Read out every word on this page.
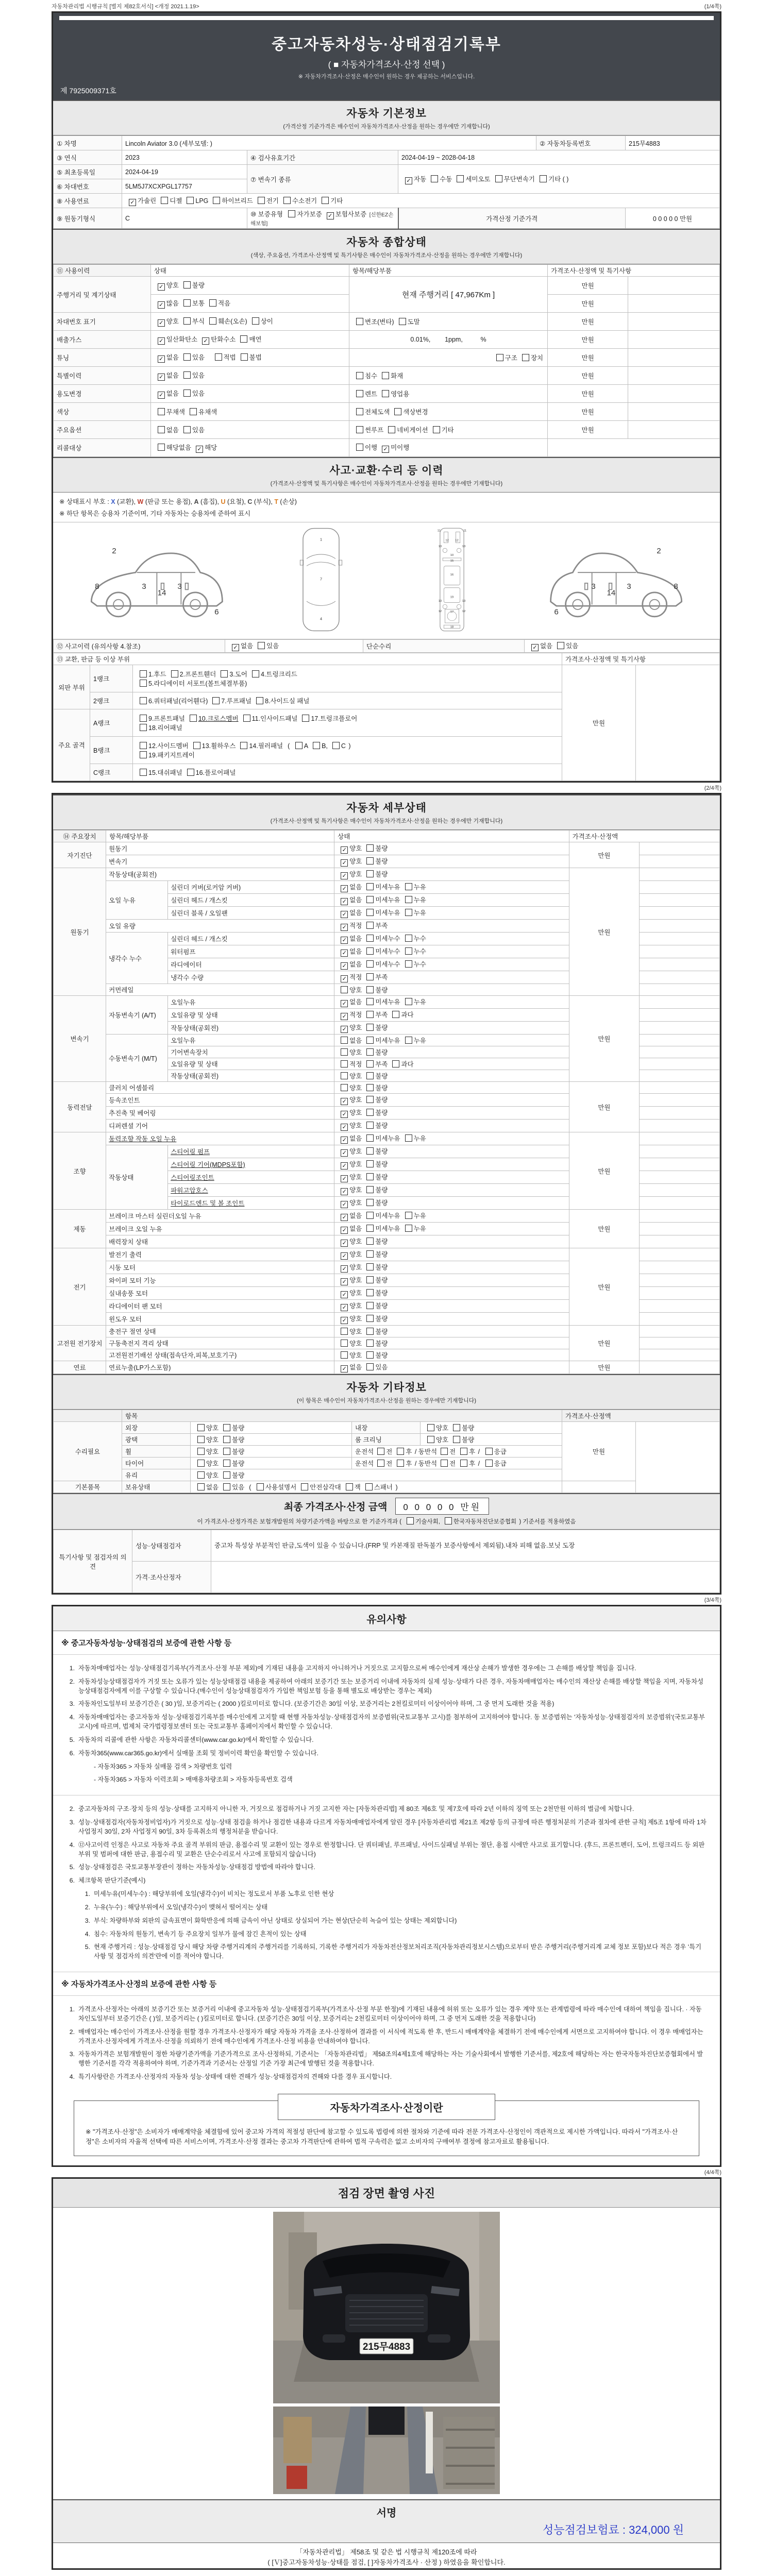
자동차관리법 시행규칙 [별지 제82호서식] <개정 2021.1.19>	(1/4쪽)
중고자동차성능·상태점검기록부
( ■ 자동차가격조사·산정 선택 )
※ 자동차가격조사·산정은 매수인이 원하는 경우 제공하는 서비스입니다.
제 7925009371호
자동차 기본정보
(가격산정 기준가격은 매수인이 자동차가격조사·산정을 원하는 경우에만 기재합니다)
① 차명	Lincoln Aviator 3.0 (세부모델: )			② 자동차등록번호	215무4883
③ 연식	2023	④ 검사유효기간	2024-04-19 ~ 2028-04-18		
⑤ 최초등록일	2024-04-19	⑦ 변속기 종류	✓ 자동 수동 세미오토 무단변속기 기타 ( )		
⑥ 차대번호	5LM5J7XCXPGL17757				
⑧ 사용연료	✓ 가솔린 디젤 LPG 하이브리드 전기 수소전기 기타				
⑨ 원동기형식	C	⑩ 보증유형 자가보증 ✓ 보험사보증 [신한EZ손해보험]	가격산정 기준가격		0 0 0 0 0 만원
자동차 종합상태
(색상, 주요옵션, 가격조사·산정액 및 특기사항은 매수인이 자동차가격조사·산정을 원하는 경우에만 기재합니다)
⑪ 사용이력	상태	항목/해당부품	가격조사·산정액 및 특기사항	
주행거리 및 계기상태	✓ 양호 불량	현재 주행거리 [ 47,967Km ]	만원	
	✓ 많음 보통 적음		만원	
차대번호 표기	✓ 양호 부식 훼손(오손) 상이	변조(변타) 도말	만원	
배출가스	✓ 일산화탄소 ✓ 탄화수소 매연	0.01%,        1ppm,          %	만원	
튜닝	✓ 없음 있음 적법 불법	구조 장치	만원	
특별이력	✓ 없음 있음	침수 화재	만원	
용도변경	✓ 없음 있음	렌트 영업용	만원	
색상	무채색 유채색	전체도색 색상변경	만원	
주요옵션	없음 있음	썬루프 네비게이션 기타	만원	
리콜대상	해당없음 ✓ 해당	이행 ✓ 미이행		
사고·교환·수리 등 이력
(가격조사·산정액 및 특기사항은 매수인이 자동차가격조사·산정을 원하는 경우에만 기재합니다)
※ 상태표시 부호 : X (교환), W (판금 또는 용접), A (흠집), U (요철), C (부식), T (손상)
※ 하단 항목은 승용차 기준이며, 기타 자동차는 승용차에 준하여 표시
2
8	3
14
3
6
1
7
4
11	11
12 12
13	13
10
15
16
19
13	13
12	12
17
18
2
8
3
14
3
6
⑫ 사고이력 (유의사항 4.참조)	✓ 없음 있음	단순수리	✓ 없음 있음
⑬ 교환, 판금 등 이상 부위			가격조사·산정액 및 특기사항	
외판 부위	1랭크	1.후드 2.프론트휀더 3.도어 4.트렁크리드
5.라디에이터 서포트(볼트체결부품)	만원	
	2랭크	6.쿼터패널(리어휀다) 7.루프패널 8.사이드실 패널		
주요 골격	A랭크	9.프론트패널 10.크로스멤버 11.인사이드패널 17.트렁크플로어
18.리어패널		
	B랭크	12.사이드멤버 13.휠하우스 14.필러패널  ( A B, C )
19.패키지트레이		
	C랭크	15.대쉬패널 16.플로어패널		
(2/4쪽)
자동차 세부상태
(가격조사·산정액 및 특기사항은 매수인이 자동차가격조사·산정을 원하는 경우에만 기재합니다)
⑭ 주요장치	항목/해당부품		상태	가격조사·산정액	
자기진단	원동기		✓ 양호 불량	만원	
	변속기		✓ 양호 불량		
원동기	작동상태(공회전)		✓ 양호 불량	만원	
	오일 누유	실린더 커버(로커암 커버)	✓ 없음 미세누유 누유		
		실린더 헤드 / 개스킷	✓ 없음 미세누유 누유		
		실린더 블록 / 오일팬	✓ 없음 미세누유 누유		
	오일 유량		✓ 적정 부족		
	냉각수 누수	실린더 헤드 / 개스킷	✓ 없음 미세누수 누수		
		워터펌프	✓ 없음 미세누수 누수		
		라디에이터	✓ 없음 미세누수 누수		
		냉각수 수량	✓ 적정 부족		
	커먼레일		양호 불량		
변속기	자동변속기 (A/T)	오일누유	✓ 없음 미세누유 누유	만원	
		오일유량 및 상태	✓ 적정 부족 과다		
		작동상태(공회전)	✓ 양호 불량		
	수동변속기 (M/T)	오일누유	없음 미세누유 누유		
		기어변속장치	양호 불량		
		오일유량 및 상태	적정 부족 과다		
		작동상태(공회전)	양호 불량		
동력전달	클러치 어셈블리		양호 불량	만원	
	등속조인트		✓ 양호 불량		
	추진축 및 베어링		✓ 양호 불량		
	디퍼렌셜 기어		✓ 양호 불량		
조향	동력조향 작동 오일 누유		✓ 없음 미세누유 누유	만원	
	작동상태	스티어링 펌프	✓ 양호 불량		
		스티어링 기어(MDPS포함)	✓ 양호 불량		
		스티어링조인트	✓ 양호 불량		
		파워고압호스	✓ 양호 불량		
		타이로드엔드 및 볼 조인트	✓ 양호 불량		
제동	브레이크 마스터 실린더오일 누유		✓ 없음 미세누유 누유	만원	
	브레이크 오일 누유		✓ 없음 미세누유 누유		
	배력장치 상태		✓ 양호 불량		
전기	발전기 출력		✓ 양호 불량	만원	
	시동 모터		✓ 양호 불량		
	와이퍼 모터 기능		✓ 양호 불량		
	실내송풍 모터		✓ 양호 불량		
	라디에이터 팬 모터		✓ 양호 불량		
	윈도우 모터		✓ 양호 불량		
고전원 전기장치	충전구 절연 상태		양호 불량	만원	
	구동축전지 격리 상태		양호 불량		
	고전원전기배선 상태(접속단자,피복,보호기구)		양호 불량		
연료	연료누출(LP가스포함)		✓ 없음 있음	만원	
자동차 기타정보
(이 항목은 매수인이 자동차가격조사·산정을 원하는 경우에만 기재합니다)
	항목				가격조사·산정액	
수리필요	외장	양호 불량	내장	양호 불량	만원	
	광택	양호 불량	룸 크리닝	양호 불량		
	휠	양호 불량	운전석 전 후 / 동반석 전 후 / 응급			
	타이어	양호 불량	운전석 전 후 / 동반석 전 후 / 응급			
	유리	양호 불량				
기본품목	보유상태	없음 있음  ( 사용설명서 안전삼각대 잭 스패너 )				
최종 가격조사·산정 금액	0 0 0 0 0 만원
이 가격조사·산정가격은 보험개발원의 차량기준가액을 바탕으로 한 기준가격과 ( 기술사회, 한국자동차진단보증협회 ) 기준서를 적용하였음
특기사항 및 점검자의 의견	성능·상태점검자	중고차 특성상 부분적인 판금,도색이 있을 수 있습니다.(FRP 및 카본재질 판독불가 보증사항에서 제외됨).내차 피해 없음.보닛 도장
	가격·조사산정자	
(3/4쪽)
유의사항
※ 중고자동차성능·상태점검의 보증에 관한 사항 등
1. 자동차매매업자는 성능·상태점검기록부(가격조사·산정 부분 제외)에 기재된 내용을 고지하지 아니하거나 거짓으로 고지함으로써 매수인에게 재산상 손해가 발생한 경우에는 그 손해를 배상할 책임을 집니다.
2. 자동차성능상태점검자가 거짓 또는 오류가 있는 성능상태점검 내용을 제공하여 아래의 보증기간 또는 보증거리 이내에 자동차의 실제 성능·상태가 다른 경우, 자동차매매업자는 매수인의 재산상 손해를 배상할 책임을 지며, 자동차성능상태점검자에게 이를 구상할 수 있습니다.(매수인이 성능상태점검자가 가입한 책임보험 등을 통해 별도로 배상받는 경우는 제외)
3. 자동차인도일부터 보증기간은 ( 30 )일, 보증거리는 ( 2000 )킬로미터로 합니다. (보증기간은 30일 이상, 보증거리는 2천킬로미터 이상이어야 하며, 그 중 먼저 도래한 것을 적용)
4. 자동차매매업자는 중고자동차 성능·상태점검기록부를 매수인에게 고지할 때 현행 자동차성능·상태점검자의 보증범위(국토교통부 고시)를 첨부하여 고지하여야 합니다. 동 보증범위는 '자동차성능·상태점검자의 보증범위'(국토교통부 고시)에 따르며, 법제처 국가법령정보센터 또는 국토교통부 홈페이지에서 확인할 수 있습니다.
5. 자동차의 리콜에 관한 사항은 자동차리콜센터(www.car.go.kr)에서 확인할 수 있습니다.
6. 자동차365(www.car365.go.kr)에서 실매물 조회 및 정비이력 확인을 확인할 수 있습니다.
- 자동차365 > 자동차 실매물 검색 > 차량번호 입력
- 자동차365 > 자동차 이력조회 > 매매용차량조회 > 자동차등록번호 검색
2. 중고자동차의 구조·장치 등의 성능·상태를 고지하지 아니한 자, 거짓으로 점검하거나 거짓 고지한 자는 [자동차관리법] 제 80조 제6호 및 제7호에 따라 2년 이하의 징역 또는 2천만원 이하의 벌금에 처합니다.
3. 성능·상태점검자(자동차정비업자)가 거짓으로 성능·상태 점검을 하거나 점검한 내용과 다르게 자동차매매업자에게 알린 경우 [자동차관리법 제21조 제2항 등의 규정에 따른 행정처분의 기준과 절차에 관한 규칙] 제5조 1항에 따라 1차 사업정지 30일, 2차 사업정지 90일, 3차 등록취소의 행정처분을 받습니다.
4. ⑫사고이력 인정은 사고로 자동차 주요 골격 부위의 판금, 용접수리 및 교환이 있는 경우로 한정합니다. 단 쿼터패널, 루프패널, 사이드실패널 부위는 절단, 용접 시에만 사고로 표기합니다. (후드, 프론트펜더, 도어, 트렁크리드 등 외판 부위 및 범퍼에 대한 판금, 용접수리 및 교환은 단순수리로서 사고에 포함되지 않습니다)
5. 성능·상태점검은 국토교통부장관이 정하는 자동차성능·상태점검 방법에 따라야 합니다.
6. 체크항목 판단기준(예시)
1. 미세누유(미세누수) : 해당부위에 오일(냉각수)이 비치는 정도로서 부품 노후로 인한 현상
2. 누유(누수) : 해당부위에서 오일(냉각수)이 맺혀서 떨어지는 상태
3. 부식: 차량하부와 외판의 금속표면이 화학반응에 의해 금속이 아닌 상태로 상실되어 가는 현상(단순히 녹슬어 있는 상태는 제외합니다)
4. 침수: 자동차의 원동기, 변속기 등 주요장치 일부가 물에 잠긴 흔적이 있는 상태
5. 현재 주행거리 : 성능·상태점검 당시 해당 차량 주행거리계의 주행거리를 기록하되, 기록한 주행거리가 자동차전산정보처리조직(자동차관리정보시스템)으로부터 받은 주행거리(주행거리계 교체 정보 포함)보다 적은 경우 '특기사항 및 점검자의 의견'란에 이를 적어야 합니다.
※ 자동차가격조사·산정의 보증에 관한 사항 등
1. 가격조사·산정자는 아래의 보증기간 또는 보증거리 이내에 중고자동차 성능·상태점검기록부(가격조사·산정 부분 한정)에 기재된 내용에 허위 또는 오류가 있는 경우 계약 또는 관계법령에 따라 매수인에 대하여 책임을 집니다. · 자동차인도일부터 보증기간은 ( )일, 보증거리는 ( )킬로미터로 합니다. (보증기간은 30일 이상, 보증거리는 2천킬로미터 이상이어야 하며, 그 중 먼저 도래한 것을 적용합니다)
2. 매매업자는 매수인이 가격조사·산정을 원할 경우 가격조사·산정자가 해당 자동차 가격을 조사·산정하여 결과를 이 서식에 적도록 한 후, 반드시 매매계약을 체결하기 전에 매수인에게 서면으로 고지하여야 합니다. 이 경우 매매업자는 가격조사·산정자에게 가격조사·산정을 의뢰하기 전에 매수인에게 가격조사·산정 비용을 안내하여야 합니다.
3. 자동차가격은 보험개발원이 정한 차량기준가액을 기준가격으로 조사·산정하되, 기준서는 「자동차관리법」 제58조의4제1호에 해당하는 자는 기술사회에서 발행한 기준서를, 제2호에 해당하는 자는 한국자동차진단보증협회에서 발행한 기준서를 각각 적용하여야 하며, 기준가격과 기준서는 산정일 기준 가장 최근에 발행된 것을 적용합니다.
4. 특기사항란은 가격조사·산정자의 자동차 성능·상태에 대한 견해가 성능·상태점검자의 견해와 다를 경우 표시합니다.
자동차가격조사·산정이란
※ "가격조사·산정"은 소비자가 매매계약을 체결함에 있어 중고차 가격의 적절성 판단에 참고할 수 있도록 법령에 의한 절차와 기준에 따라 전문 가격조사·산정인이 객관적으로 제시한 가액입니다. 따라서 "가격조사·산정"은 소비자의 자율적 선택에 따른 서비스이며, 가격조사·산정 결과는 중고차 가격판단에 관하여 법적 구속력은 없고 소비자의 구매여부 결정에 참고자료로 활용됩니다.
(4/4쪽)
점검 장면 촬영 사진
215무4883
서명
성능점검보험료 : 324,000 원
「자동차관리법」 제58조 및 같은 법 시행규칙 제120조에 따라
( [Ｖ]중고자동차성능·상태를 점검, [ ]자동차가격조사 · 산정 ) 하였음을 확인합니다.
